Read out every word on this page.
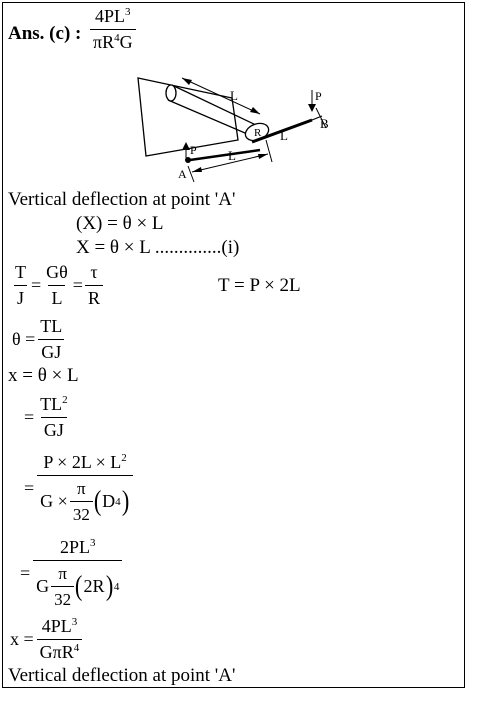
Ans. (c) : $\frac{4PL^3}{\pi R^4G}$
R
L
B
L
P
P
A
L
Vertical deflection at point 'A'
(X) = θ × L
X = θ × L ..............(i)
$\frac{T}{J} = \frac{G\theta}{L} = \frac{\tau}{R}$	T = P × 2L
$\theta = \frac{TL}{GJ}$
x = θ × L
= $\frac{TL^2}{GJ}$
= $\frac{P \times 2L \times L^2}{G \times \frac{\pi}{32} ( D 4 )}$
= $\frac{2PL^3}{G \frac{\pi}{32} ( 2R ) 4}$
$x = \frac{4PL^3}{G\pi R^4}$
Vertical deflection at point 'A'
